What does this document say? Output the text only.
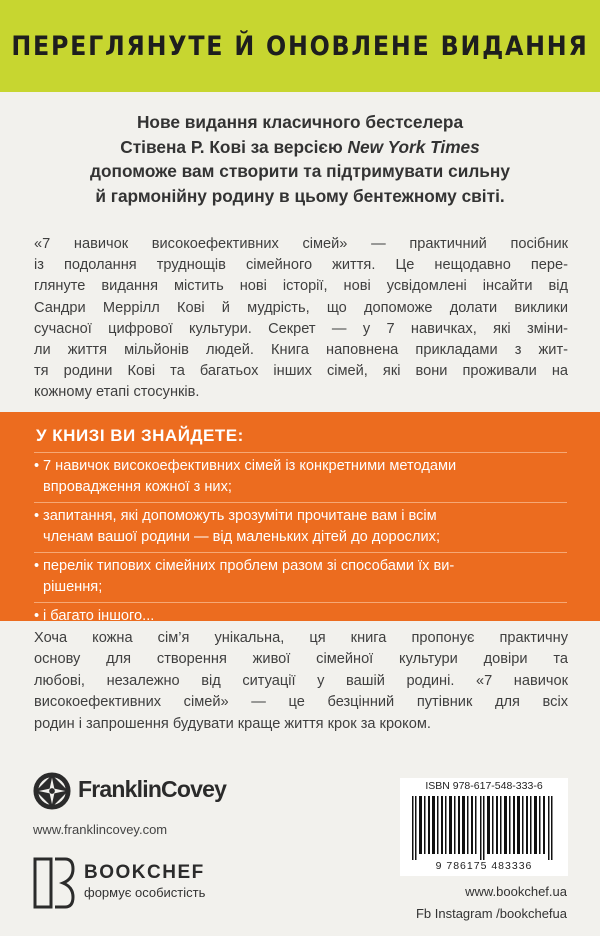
ПЕРЕГЛЯНУТЕ Й ОНОВЛЕНЕ ВИДАННЯ
Нове видання класичного бестселера
Стівена Р. Кові за версією New York Times
допоможе вам створити та підтримувати сильну
й гармонійну родину в цьому бентежному світі.
«7 навичок високоефективних сімей» — практичний посібник
із подолання труднощів сімейного життя. Це нещодавно пере-
глянуте видання містить нові історії, нові усвідомлені інсайти від
Сандри Меррілл Кові й мудрість, що допоможе долати виклики
сучасної цифрової культури. Секрет — у 7 навичках, які зміни-
ли життя мільйонів людей. Книга наповнена прикладами з жит-
тя родини Кові та багатьох інших сімей, які вони проживали на
кожному етапі стосунків.
У КНИЗІ ВИ ЗНАЙДЕТЕ:
• 7 навичок високоефективних сімей із конкретними методами
впровадження кожної з них;
• запитання, які допоможуть зрозуміти прочитане вам і всім
членам вашої родини — від маленьких дітей до дорослих;
• перелік типових сімейних проблем разом зі способами їх ви-
рішення;
• і багато іншого...
Хоча кожна сім’я унікальна, ця книга пропонує практичну
основу для створення живої сімейної культури довіри та
любові, незалежно від ситуації у вашій родині. «7 навичок
високоефективних сімей» — це безцінний путівник для всіх
родин і запрошення будувати краще життя крок за кроком.
FranklinCovey
www.franklincovey.com
BOOKCHEF
формує особистість
ISBN 978-617-548-333-6
9 786175 483336
www.bookchef.ua
Fb Instagram /bookchefua
